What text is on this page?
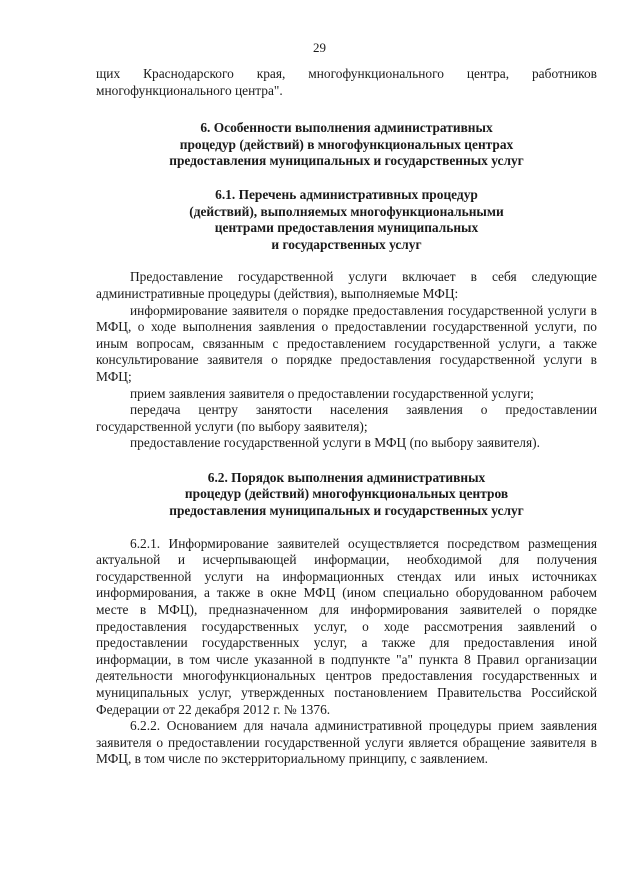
29

щих Краснодарского края, многофункционального центра, работников многофункционального центра".

6. Особенности выполнения административных
процедур (действий) в многофункциональных центрах
предоставления муниципальных и государственных услуг
6.1. Перечень административных процедур
(действий), выполняемых многофункциональными
центрами предоставления муниципальных
и государственных услуг

Предоставление государственной услуги включает в себя следующие административные процедуры (действия), выполняемые МФЦ:

информирование заявителя о порядке предоставления государственной услуги в МФЦ, о ходе выполнения заявления о предоставлении государственной услуги, по иным вопросам, связанным с предоставлением государственной услуги, а также консультирование заявителя о порядке предоставления государственной услуги в МФЦ;

прием заявления заявителя о предоставлении государственной услуги;

передача центру занятости населения заявления о предоставлении государственной услуги (по выбору заявителя);

предоставление государственной услуги в МФЦ (по выбору заявителя).

6.2. Порядок выполнения административных
процедур (действий) многофункциональных центров
предоставления муниципальных и государственных услуг

6.2.1. Информирование заявителей осуществляется посредством размещения актуальной и исчерпывающей информации, необходимой для получения государственной услуги на информационных стендах или иных источниках информирования, а также в окне МФЦ (ином специально оборудованном рабочем месте в МФЦ), предназначенном для информирования заявителей о порядке предоставления государственных услуг, о ходе рассмотрения заявлений о предоставлении государственных услуг, а также для предоставления иной информации, в том числе указанной в подпункте "а" пункта 8 Правил организации деятельности многофункциональных центров предоставления государственных и муниципальных услуг, утвержденных постановлением Правительства Российской Федерации от 22 декабря 2012 г. № 1376.

6.2.2. Основанием для начала административной процедуры прием заявления заявителя о предоставлении государственной услуги является обращение заявителя в МФЦ, в том числе по экстерриториальному принципу, с заявлением.
